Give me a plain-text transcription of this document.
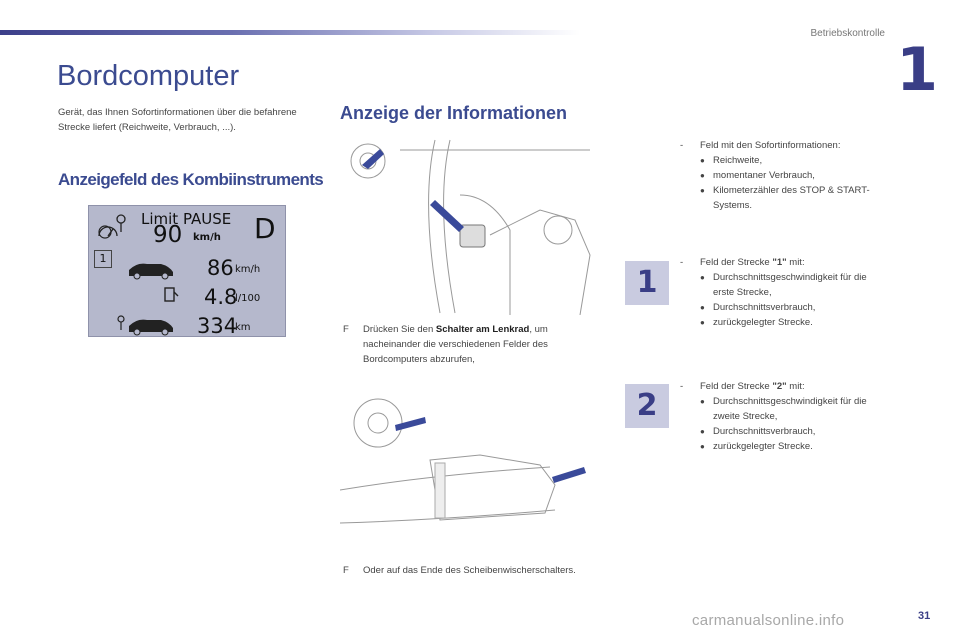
Betriebskontrolle
1
Bordcomputer
Gerät, das Ihnen Sofortinformationen über die befahrene Strecke liefert (Reichweite, Verbrauch, ...).
Anzeigefeld des Kombiinstruments
Limit PAUSE D
90 km/h
1	86 km/h
4.8
l/100
334
km
Anzeige der Informationen
F Drücken Sie den Schalter am Lenkrad, um nacheinander die verschiedenen Felder des Bordcomputers abzurufen,
F Oder auf das Ende des Scheibenwischerschalters.
- Feld mit den Sofortinformationen:
● Reichweite,
● momentaner Verbrauch,
● Kilometerzähler des STOP & START-Systems.
1
- Feld der Strecke "1" mit:
● Durchschnittsgeschwindigkeit für die erste Strecke,
● Durchschnittsverbrauch,
● zurückgelegter Strecke.
2
- Feld der Strecke "2" mit:
● Durchschnittsgeschwindigkeit für die zweite Strecke,
● Durchschnittsverbrauch,
● zurückgelegter Strecke.
carmanualsonline.info	31
